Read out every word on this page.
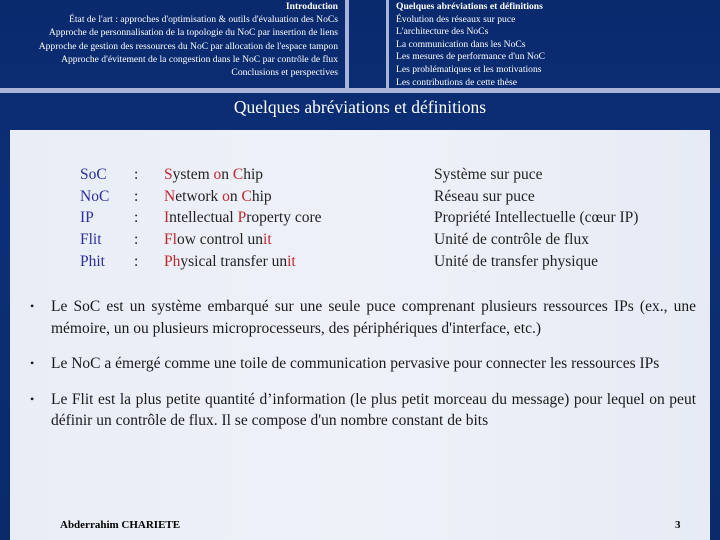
Introduction
État de l'art : approches d'optimisation & outils d'évaluation des NoCs
Approche de personnalisation de la topologie du NoC par insertion de liens
Approche de gestion des ressources du NoC par allocation de l'espace tampon
Approche d'évitement de la congestion dans le NoC par contrôle de flux
Conclusions et perspectives
Quelques abréviations et définitions
Évolution des réseaux sur puce
L'architecture des NoCs
La communication dans les NoCs
Les mesures de performance d'un NoC
Les problématiques et les motivations
Les contributions de cette thèse
Quelques abréviations et définitions
SoC	: System on Chip	Système sur puce
NoC	: Network on Chip	Réseau sur puce
IP	: Intellectual Property core	Propriété Intellectuelle (cœur IP)
Flit	: Flow control unit	Unité de contrôle de flux
Phit	: Physical transfer unit	Unité de transfer physique
• Le SoC est un système embarqué sur une seule puce comprenant plusieurs ressources IPs (ex., une mémoire, un ou plusieurs microprocesseurs, des périphériques d'interface, etc.)
• Le NoC a émergé comme une toile de communication pervasive pour connecter les ressources IPs
• Le Flit est la plus petite quantité d’information (le plus petit morceau du message) pour lequel on peut définir un contrôle de flux. Il se compose d'un nombre constant de bits
Abderrahim CHARIETE	3
